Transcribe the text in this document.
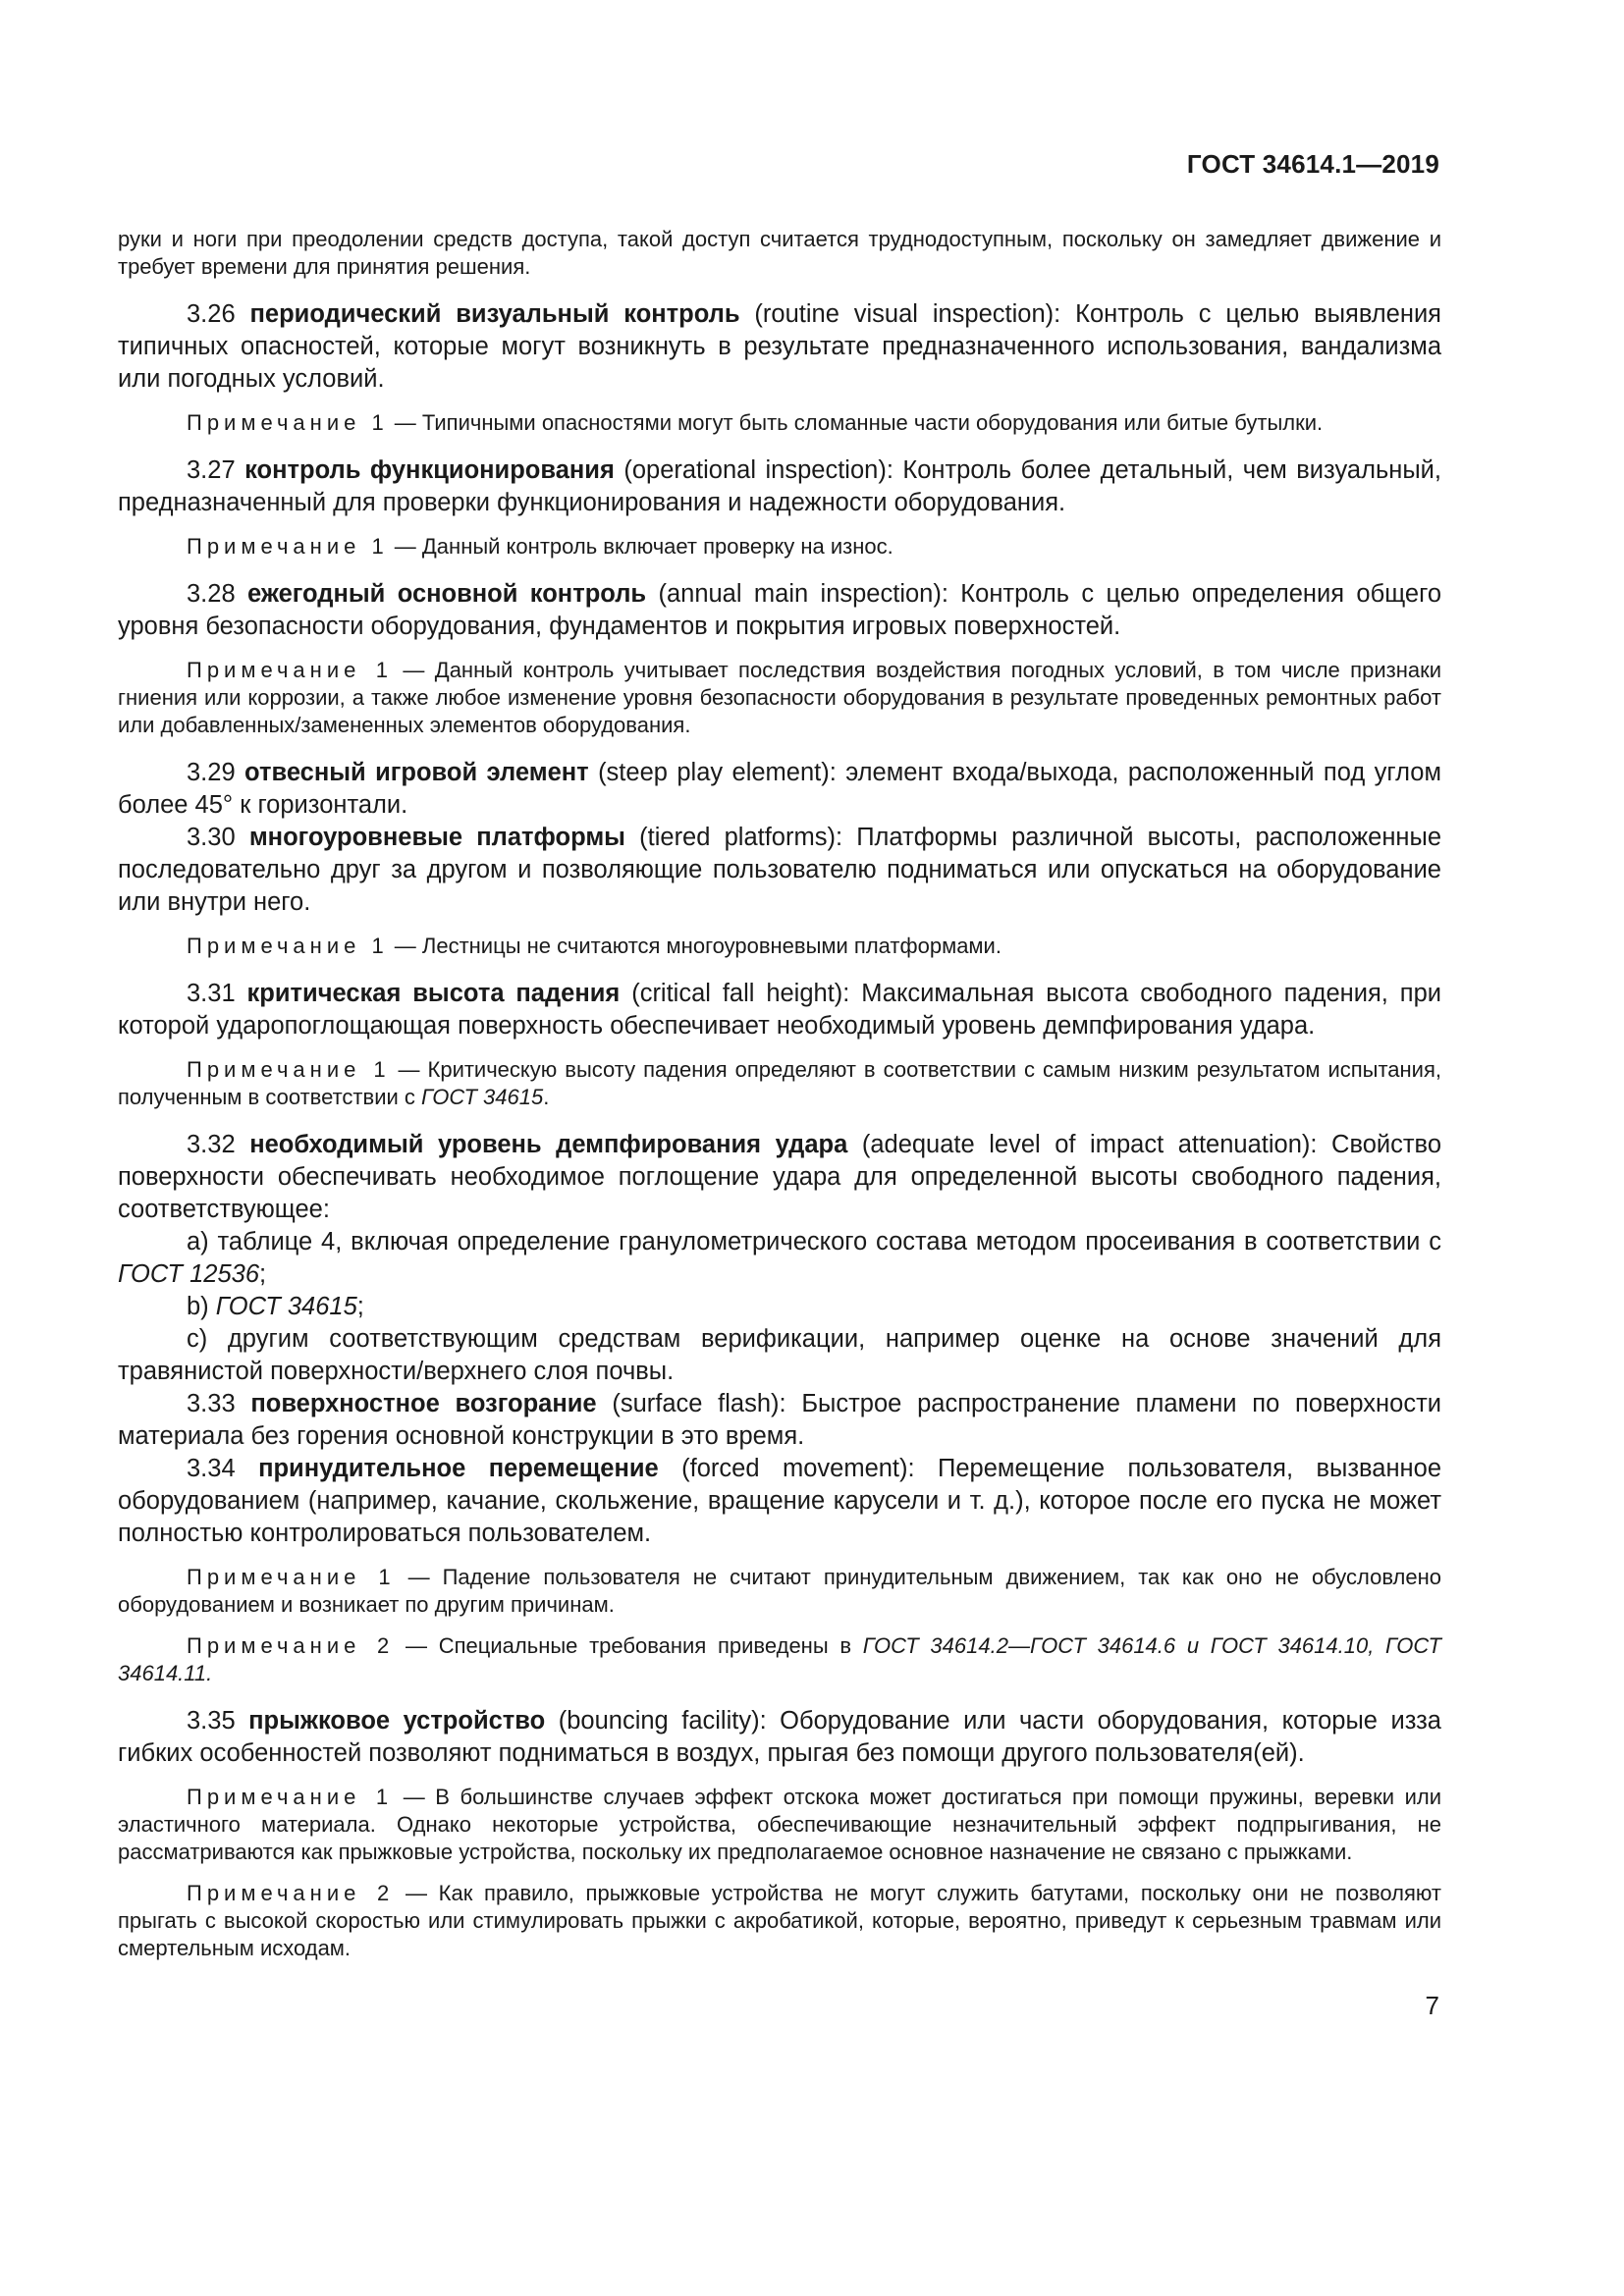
ГОСТ 34614.1—2019

руки и ноги при преодолении средств доступа, такой доступ считается труднодоступным, поскольку он замедляет движение и требует времени для принятия решения.

3.26 периодический визуальный контроль (routine visual inspection): Контроль с целью выявления типичных опасностей, которые могут возникнуть в результате предназначенного использования, вандализма или погодных условий.

Примечание 1 — Типичными опасностями могут быть сломанные части оборудования или битые бутылки.

3.27 контроль функционирования (operational inspection): Контроль более детальный, чем визуальный, предназначенный для проверки функционирования и надежности оборудования.

Примечание 1 — Данный контроль включает проверку на износ.

3.28 ежегодный основной контроль (annual main inspection): Контроль с целью определения общего уровня безопасности оборудования, фундаментов и покрытия игровых поверхностей.

Примечание 1 — Данный контроль учитывает последствия воздействия погодных условий, в том числе признаки гниения или коррозии, а также любое изменение уровня безопасности оборудования в результате проведенных ремонтных работ или добавленных/замененных элементов оборудования.

3.29 отвесный игровой элемент (steep play element): элемент входа/выхода, расположенный под углом более 45° к горизонтали.

3.30 многоуровневые платформы (tiered platforms): Платформы различной высоты, расположенные последовательно друг за другом и позволяющие пользователю подниматься или опускаться на оборудование или внутри него.

Примечание 1 — Лестницы не считаются многоуровневыми платформами.

3.31 критическая высота падения (critical fall height): Максимальная высота свободного падения, при которой ударопоглощающая поверхность обеспечивает необходимый уровень демпфирования удара.

Примечание 1 — Критическую высоту падения определяют в соответствии с самым низким результатом испытания, полученным в соответствии с ГОСТ 34615.

3.32 необходимый уровень демпфирования удара (adequate level of impact attenuation): Свойство поверхности обеспечивать необходимое поглощение удара для определенной высоты свободного падения, соответствующее:

а) таблице 4, включая определение гранулометрического состава методом просеивания в соответствии с ГОСТ 12536;

b) ГОСТ 34615;

c) другим соответствующим средствам верификации, например оценке на основе значений для травянистой поверхности/верхнего слоя почвы.

3.33 поверхностное возгорание (surface flash): Быстрое распространение пламени по поверхности материала без горения основной конструкции в это время.

3.34 принудительное перемещение (forced movement): Перемещение пользователя, вызванное оборудованием (например, качание, скольжение, вращение карусели и т. д.), которое после его пуска не может полностью контролироваться пользователем.

Примечание 1 — Падение пользователя не считают принудительным движением, так как оно не обусловлено оборудованием и возникает по другим причинам.

Примечание 2 — Специальные требования приведены в ГОСТ 34614.2—ГОСТ 34614.6 и ГОСТ 34614.10, ГОСТ 34614.11.

3.35 прыжковое устройство (bouncing facility): Оборудование или части оборудования, которые изза гибких особенностей позволяют подниматься в воздух, прыгая без помощи другого пользователя(ей).

Примечание 1 — В большинстве случаев эффект отскока может достигаться при помощи пружины, веревки или эластичного материала. Однако некоторые устройства, обеспечивающие незначительный эффект подпрыгивания, не рассматриваются как прыжковые устройства, поскольку их предполагаемое основное назначение не связано с прыжками.

Примечание 2 — Как правило, прыжковые устройства не могут служить батутами, поскольку они не позволяют прыгать с высокой скоростью или стимулировать прыжки с акробатикой, которые, вероятно, приведут к серьезным травмам или смертельным исходам.

7
